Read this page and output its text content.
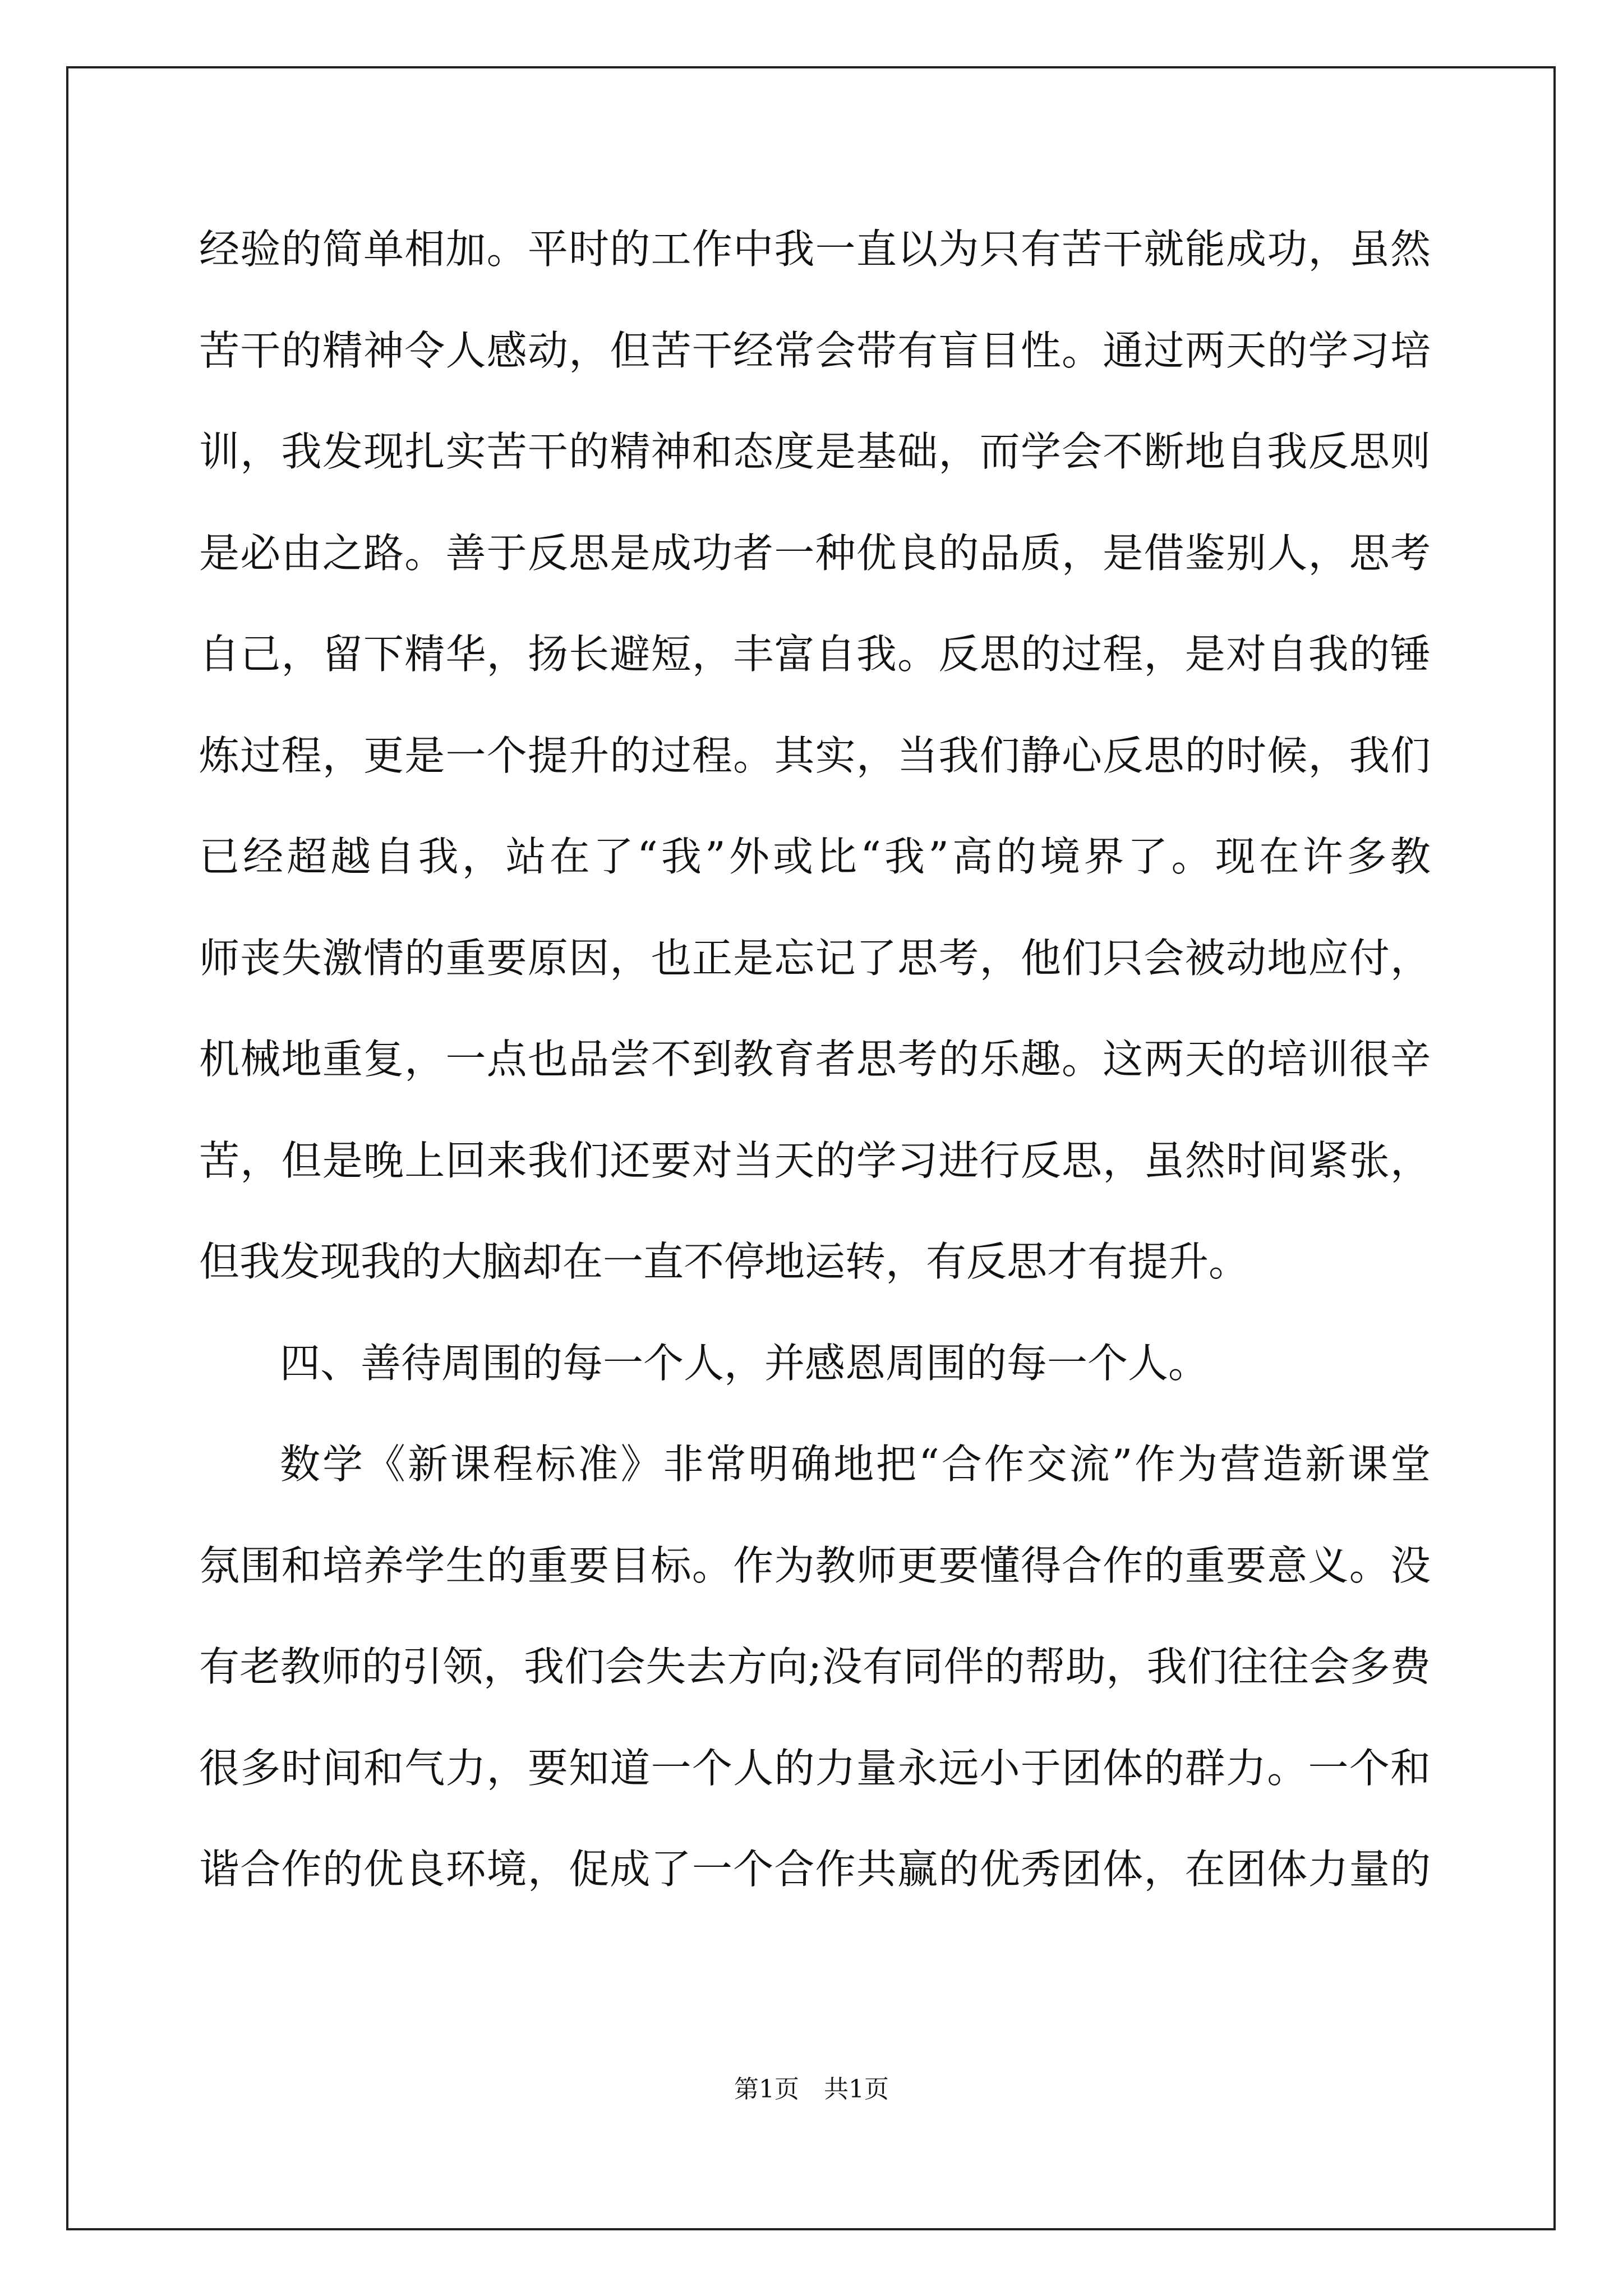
经验的简单相加。平时的工作中我一直以为只有苦干就能成功，虽然
苦干的精神令人感动，但苦干经常会带有盲目性。通过两天的学习培
训，我发现扎实苦干的精神和态度是基础，而学会不断地自我反思则
是必由之路。善于反思是成功者一种优良的品质，是借鉴别人，思考
自己，留下精华，扬长避短，丰富自我。反思的过程，是对自我的锤
炼过程，更是一个提升的过程。其实，当我们静心反思的时候，我们
已经超越自我，站在了“我”外或比“我”高的境界了。现在许多教
师丧失激情的重要原因，也正是忘记了思考，他们只会被动地应付，
机械地重复，一点也品尝不到教育者思考的乐趣。这两天的培训很辛
苦，但是晚上回来我们还要对当天的学习进行反思，虽然时间紧张，
但我发现我的大脑却在一直不停地运转，有反思才有提升。
四、善待周围的每一个人，并感恩周围的每一个人。
数学《新课程标准》非常明确地把“合作交流”作为营造新课堂
氛围和培养学生的重要目标。作为教师更要懂得合作的重要意义。没
有老教师的引领，我们会失去方向;没有同伴的帮助，我们往往会多费
很多时间和气力，要知道一个人的力量永远小于团体的群力。一个和
谐合作的优良环境，促成了一个合作共赢的优秀团体，在团体力量的
第1页　共1页
